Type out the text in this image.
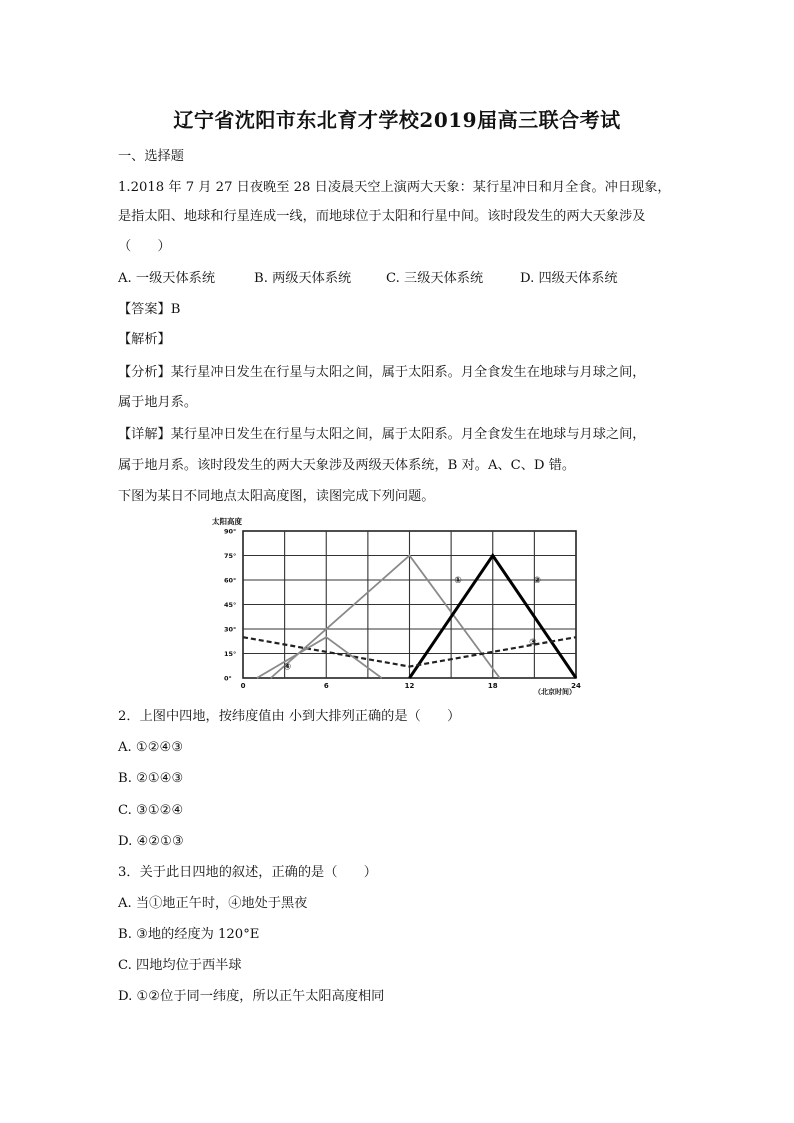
辽宁省沈阳市东北育才学校2019届高三联合考试
一、选择题
1.2018 年 7 月 27 日夜晚至 28 日凌晨天空上演两大天象：某行星冲日和月全食。冲日现象，
是指太阳、地球和行星连成一线，而地球位于太阳和行星中间。该时段发生的两大天象涉及
（　　）
A. 一级天体系统	B. 两级天体系统	C. 三级天体系统	D. 四级天体系统
【答案】B
【解析】
【分析】某行星冲日发生在行星与太阳之间，属于太阳系。月全食发生在地球与月球之间，
属于地月系。
【详解】某行星冲日发生在行星与太阳之间，属于太阳系。月全食发生在地球与月球之间，
属于地月系。该时段发生的两大天象涉及两级天体系统，B 对。A、C、D 错。
下图为某日不同地点太阳高度图，读图完成下列问题。
太阳高度
①	②
③
④
90°
75°
60°
45°
30°
15°
0°
0	6	12	18	24
（北京时间）
2．上图中四地，按纬度值由 小到大排列正确的是（　　）
A. ①②④③
B. ②①④③
C. ③①②④
D. ④②①③
3．关于此日四地的叙述，正确的是（　　）
A. 当①地正午时，④地处于黑夜
B. ③地的经度为 120°E
C. 四地均位于西半球
D. ①②位于同一纬度，所以正午太阳高度相同
